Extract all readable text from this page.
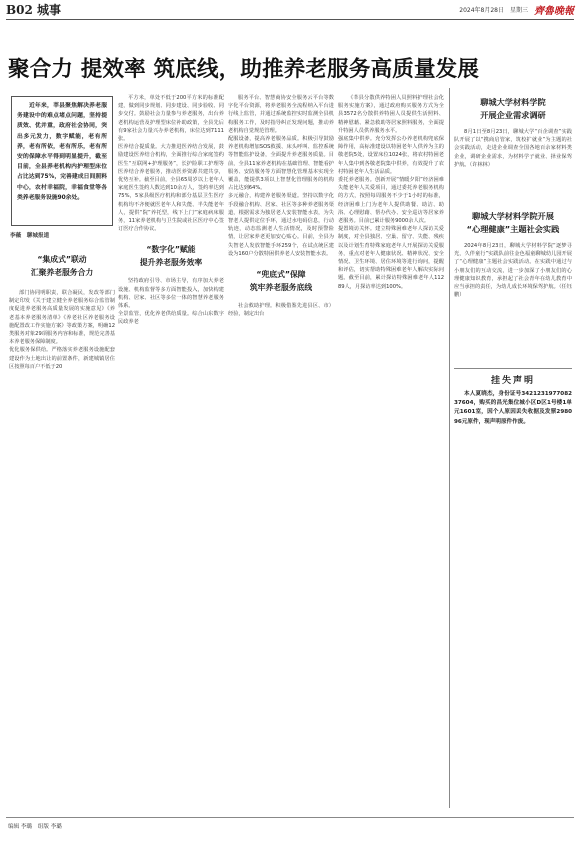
B02 城事	2024年8月28日　星期三 齊魯晚報
聚合力 提效率 筑底线，助推养老服务高质量发展
近年来，莘县聚焦解决养老服务建设中的难点堵点问题，坚持提质效、优并重，政府社会协同，突出多元发力，数字赋能，老有所养，老有所依，老有所乐，老有所安的保障水平得到明显提升，截至目前，全县养老机构内护理型床位占比达到75%，完善建成日间照料中心，农村幸福院，幸福食堂等各类养老服务设施90余处。
李薇　聊城报道
“集成式”联动
汇聚养老服务合力
部门协同明职责，联合凝民，发改等部门制定印发《关于建立健全养老服务综合监管制度促进养老服务高质量发展的实施意见》《养老基本养老服务清单》《养老社区养老服务设施配置改工作实施方案》等政策方案，明确12类服务对象29项服务内容和标准，规范完善基本养老服务保障制度。
优化服务保供给。严格落实养老服务设施配套建设作为土地出让的前置条件，新建城镇居住区按照每百户不低于20
平方米，单处不低于200平方米的标准配建，做到同步规划、同步建设、同步验收、同步交付。鼓励社会力量参与养老服务，出台养老机构运营及护理型床位补助政策，全县先后有9家社会力量兴办养老机构，床位达到7111张。
医养结合提质量。大力推进医养结合发展，鼓励建设医养结合机构，全面推行综合家庭签约医生“互联网+护理服务”，长护险职工护理等医养结合养老服务，推动医养资源共建共享，优势互补。截至目前，全县65周岁以上老年人家庭医生签约人数达到10余万人，签约率达到75%，5家县级医疗机构和部分基层卫生医疗机构均不齐便就医老年人和失能、半失能老年人，提供“院”养托型，线下上门“家庭病床服务，11家养老机构与卫生院或社区医疗中心签订医疗合作协议。
“数字化”赋能
提升养老服务效率
坚持政府引导、市场主导，有序加大养老设施、机构监督等多方面智能投入，加快构建机构、居家、社区等多位一体的智慧养老服务体系。
全景监管，优化养老供给质量。综合山东数字民政养老
服务平台、智慧商协安全服务云平台等数字化平台资源，将养老服务全流程纳入平台进行线上监管，并通过系统监控实时监测全县机构服务工作，及时指导纠正发现问题，推动养老机构自觉规范管理。
配服设备，提高养老服务品质。积极引导鼓励养老机构增加SOS救援、床头呼叫、监控系统等智能监护设备，全面提升养老服务质量。目前，全县11家养老机构在基础管理、智能看护服务、安防服务等方面智慧化管理基本实现全覆盖，能提供3项以上智慧化管理服务的机构占比达到64%。
多元融合，构建养老服务渠道。坚持以数字化手段融合机构、居家、社区等多种养老服务渠道，根据需求为独居老人安装智能水表，为失智老人提供定位手环，通过水电码信息，行动轨迹，动态监测老人生活情况，及时预警险情，让居家养老更加安心贴心。目前，全县为失智老人发放智能手环259个，在试点统区建设为160户分散特困供养老人安装智能水表。
“兜底式”保障
筑牢养老服务底线
社会救助护理。积极借鉴先进县区、市）经验，制定出台
《莘县分散供养特困人员照料护理社会化服务实施方案》，通过政府购买服务方式为全县3572名分散供养特困人员提供生活照料、精神慰藉、紧急救助等居家照料服务，全面提升特困人员供养服务水平。
强底集中供养。充分发挥公办养老机构兜底保障作用，高标准建设以特困老年人供养为主的敬老院5处，设置床位1024张，将农村特困老年人集中到各敬老院集中供养，有效提升了农村特困老年人生活品质。
委托养老服务。创新开展“情暖夕阳”经济困难失能老年人关爱项目，通过委托养老服务机构的方式，按照每周服务不少于1小时的标准，经济困难上门为老年人提供助餐、助洁、助浴、心理慰藉、帮办代办、安全巡访等居家养老服务。目前已累计服务9000余人次。
提置境访关怀。建立特殊困难老年人探访关爱制度，对全县独居、空巢、留守、失能、残疾以及计划生育特殊家庭老年人开展探访关爱服务，重点对老年人健康状况、精神状况、安全情况、卫生环境、居住环境等进行询问，提醒和评估，切实帮助特殊困难老年人解决实际问题。截至目前，累计探访特殊困难老年人11289人，月探访率达到100%。
聊城大学材料学院
开展企业需求调研
8月1日至8月23日，聊城大学“百企调查”实践队开展了以“携商启管家，筑校扩就业”为主题的社会实践活动，走进企业调查全国各地百余家材料类企业，调研企业需求，为材料学子就业、择业保驾护航。（许林林）
聊城大学材料学院开展
“心理健康”主题社会实践
2024年8月23日，聊城大学材料学院“逐梦寻光，久伴童行”实践队前往金色福童聊城幼儿园开展了“心理健康”主题社会实践活动。在实践中通过与小朋友们的互动交流，进一步加深了小朋友们的心理健康知识教育，承担起了社会青年在幼儿教育中应当承担的责任，为幼儿成长环境保驾护航。（任钰鹏）
挂失声明
本人夏晓杰，身份证号3421231977082376​04，购买的昌光集位城小区D区1号楼1单元1601室，因个人原因丢失收据及发票298096元原件，现声明原件作废。
编辑 李璐　组版 李璐
